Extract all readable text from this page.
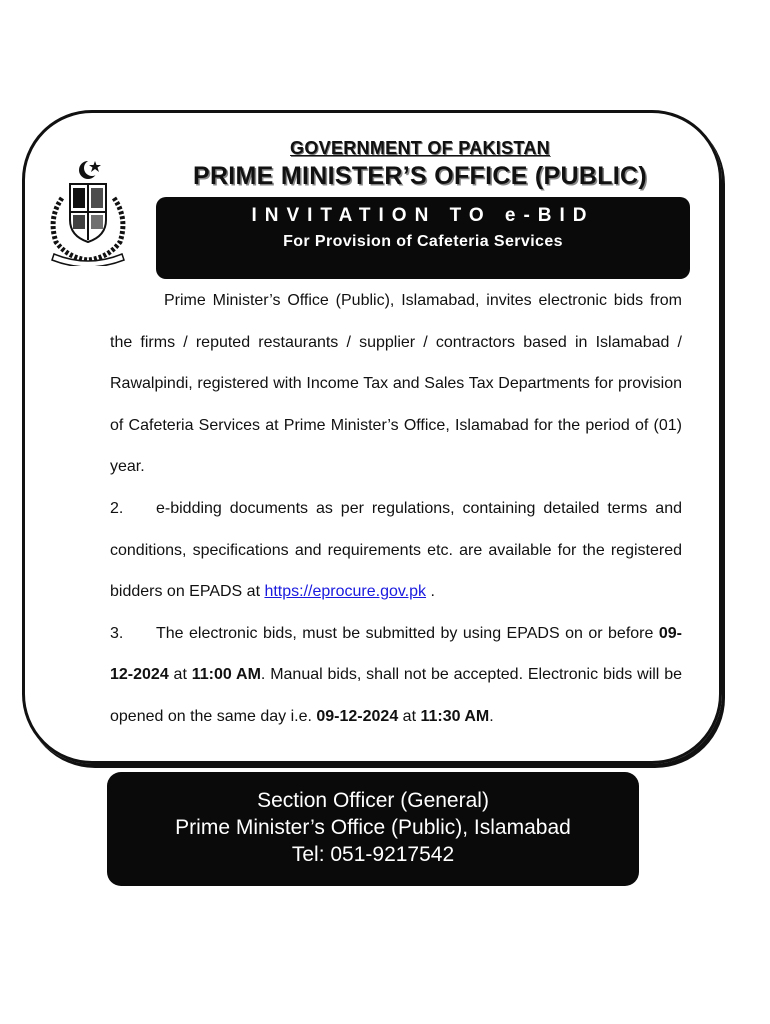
GOVERNMENT OF PAKISTAN
PRIME MINISTER’S OFFICE (PUBLIC)
INVITATION TO e-BID
For Provision of Cafeteria Services

Prime Minister’s Office (Public), Islamabad, invites electronic bids from the firms / reputed restaurants / supplier / contractors based in Islamabad / Rawalpindi, registered with Income Tax and Sales Tax Departments for provision of Cafeteria Services at Prime Minister’s Office, Islamabad for the period of (01) year.

2. e-bidding documents as per regulations, containing detailed terms and conditions, specifications and requirements etc. are available for the registered bidders on EPADS at https://eprocure.gov.pk .

3. The electronic bids, must be submitted by using EPADS on or before 09-12-2024 at 11:00 AM. Manual bids, shall not be accepted. Electronic bids will be opened on the same day i.e. 09-12-2024 at 11:30 AM.

Section Officer (General)
Prime Minister’s Office (Public), Islamabad
Tel: 051-9217542
